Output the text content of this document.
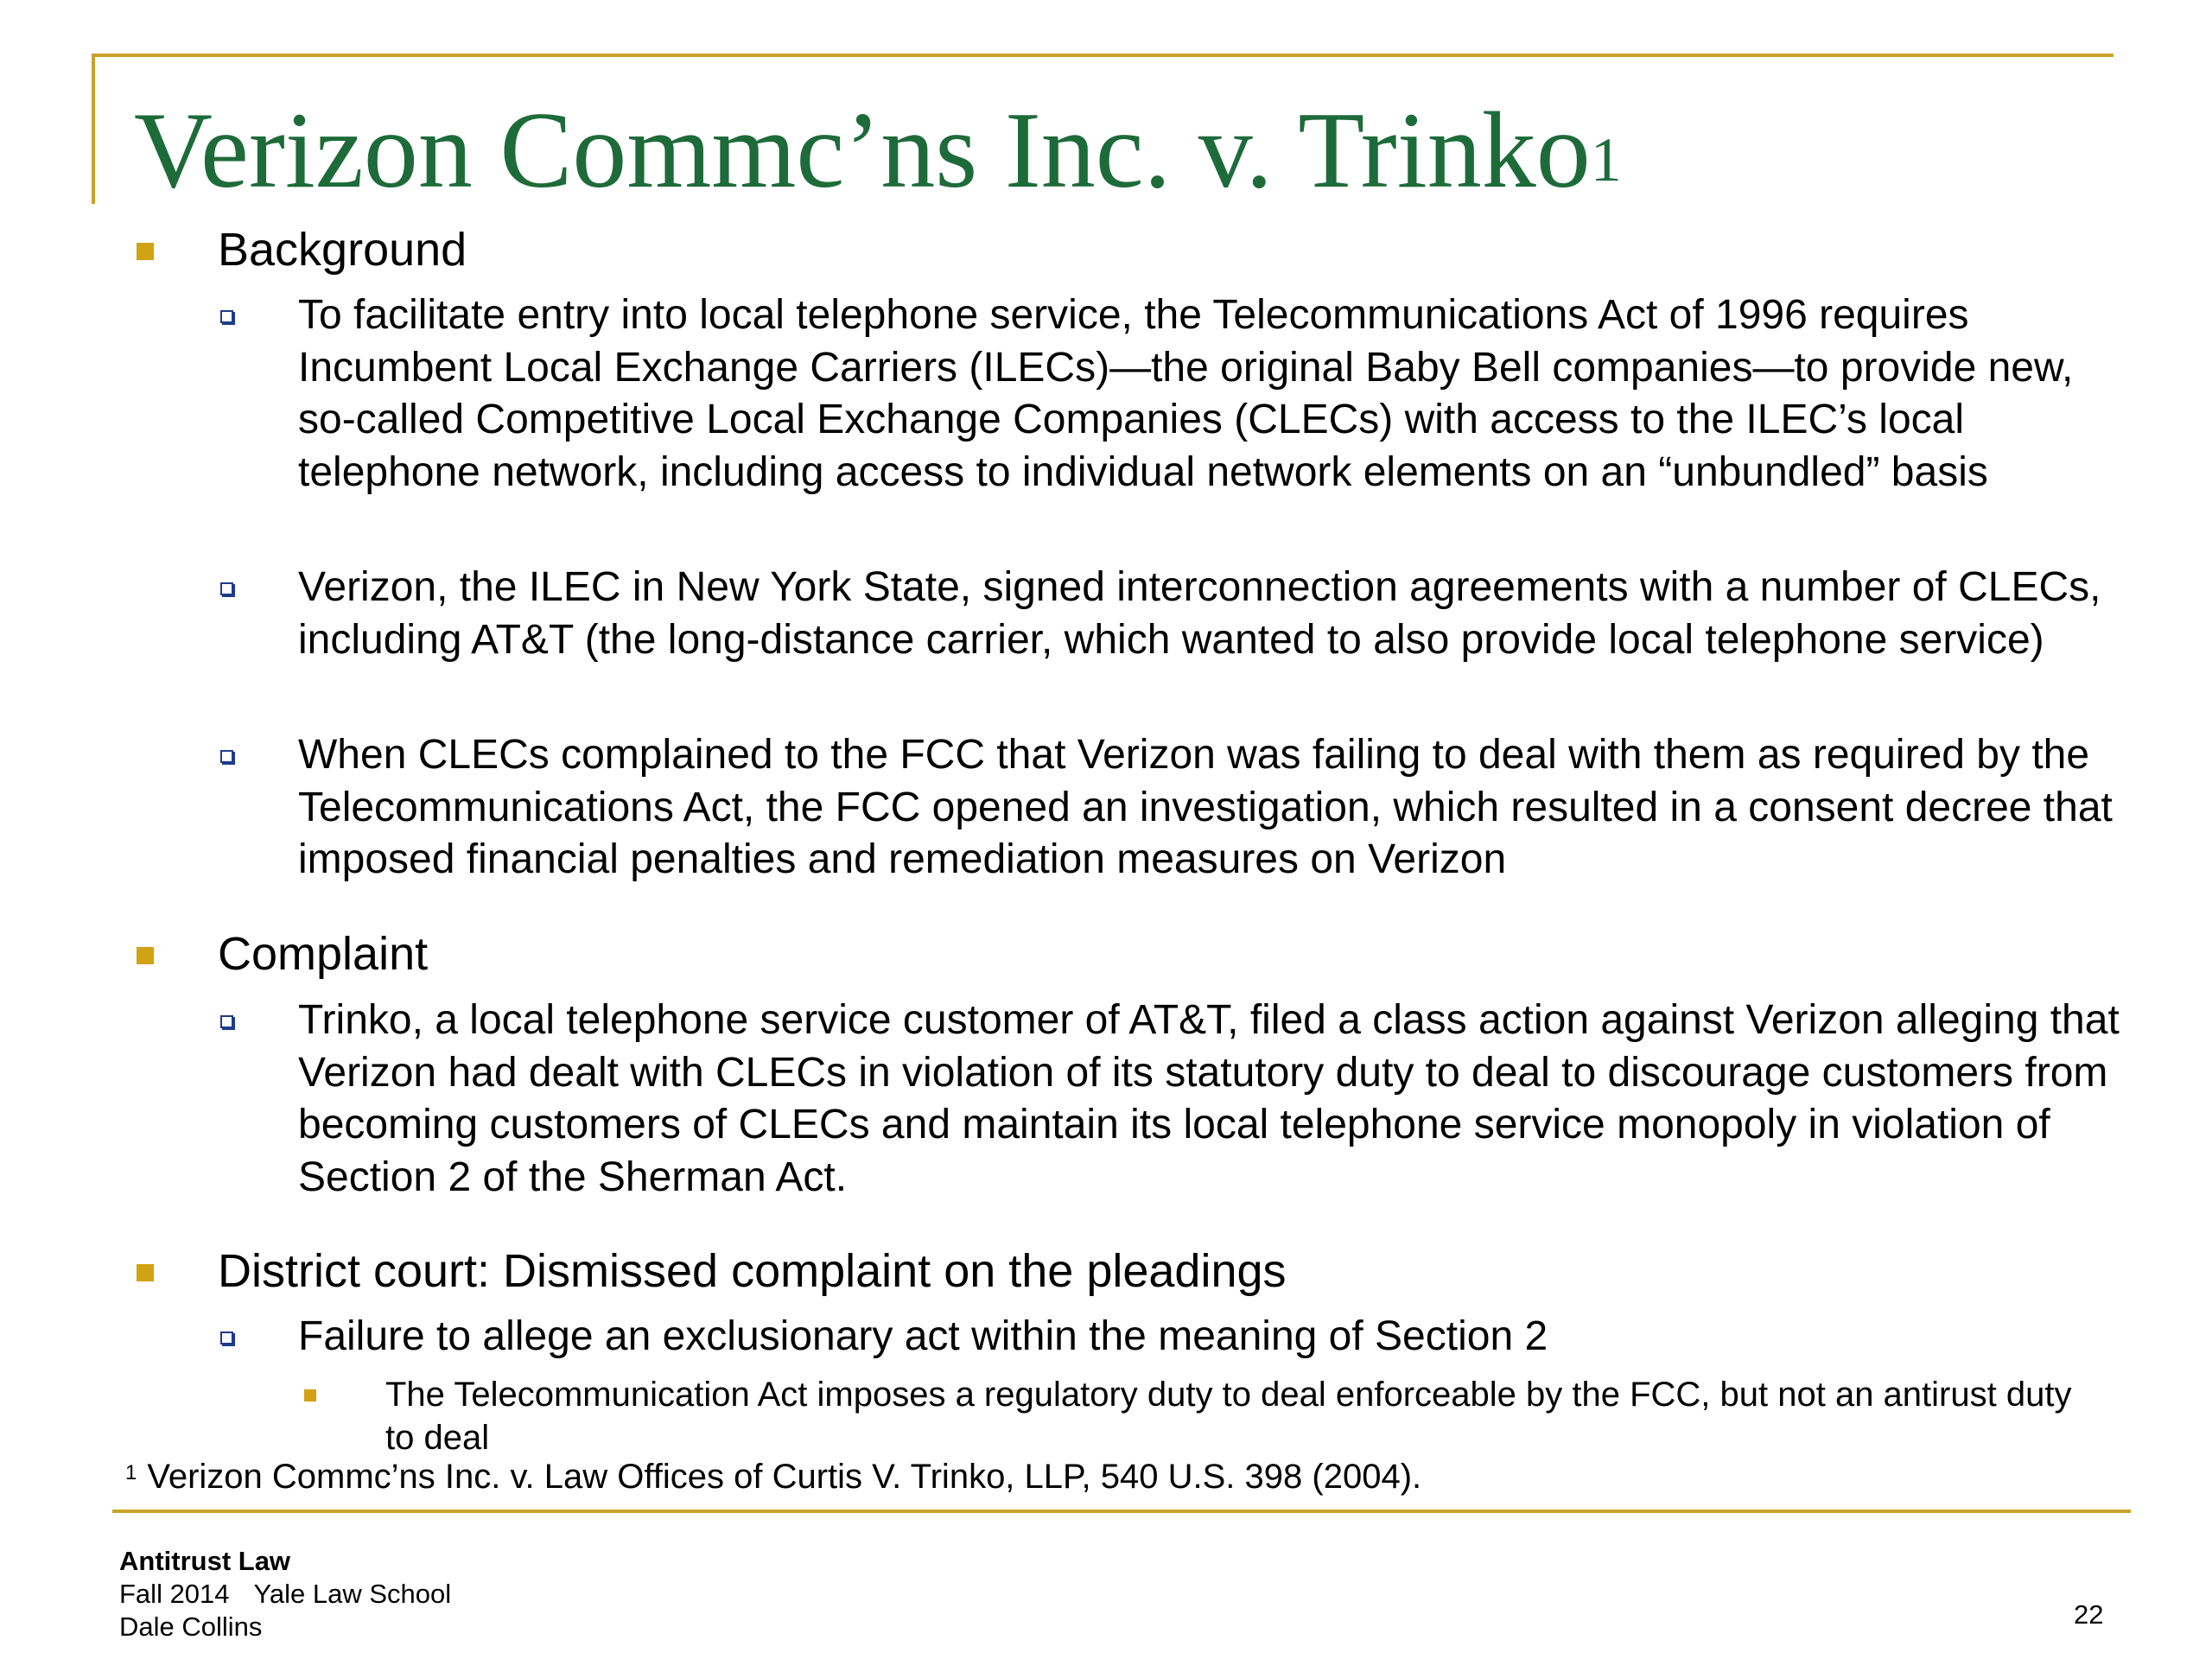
Verizon Commc’ns Inc. v. Trinko$^1$
Background
To facilitate entry into local telephone service, the Telecommunications Act of 1996 requires Incumbent Local Exchange Carriers (ILECs)—the original Baby Bell companies—to provide new, so-called Competitive Local Exchange Companies (CLECs) with access to the ILEC’s local telephone network, including access to individual network elements on an “unbundled” basis
Verizon, the ILEC in New York State, signed interconnection agreements with a number of CLECs, including AT&T (the long-distance carrier, which wanted to also provide local telephone service)
When CLECs complained to the FCC that Verizon was failing to deal with them as required by the Telecommunications Act, the FCC opened an investigation, which resulted in a consent decree that imposed financial penalties and remediation measures on Verizon
Complaint
Trinko, a local telephone service customer of AT&T, filed a class action against Verizon alleging that Verizon had dealt with CLECs in violation of its statutory duty to deal to discourage customers from becoming customers of CLECs and maintain its local telephone service monopoly in violation of Section 2 of the Sherman Act.
District court: Dismissed complaint on the pleadings
Failure to allege an exclusionary act within the meaning of Section 2
The Telecommunication Act imposes a regulatory duty to deal enforceable by the FCC, but not an antirust duty to deal
$^1$ Verizon Commc’ns Inc. v. Law Offices of Curtis V. Trinko, LLP, 540 U.S. 398 (2004).
Antitrust Law
Fall 2014 Yale Law School
Dale Collins	22
